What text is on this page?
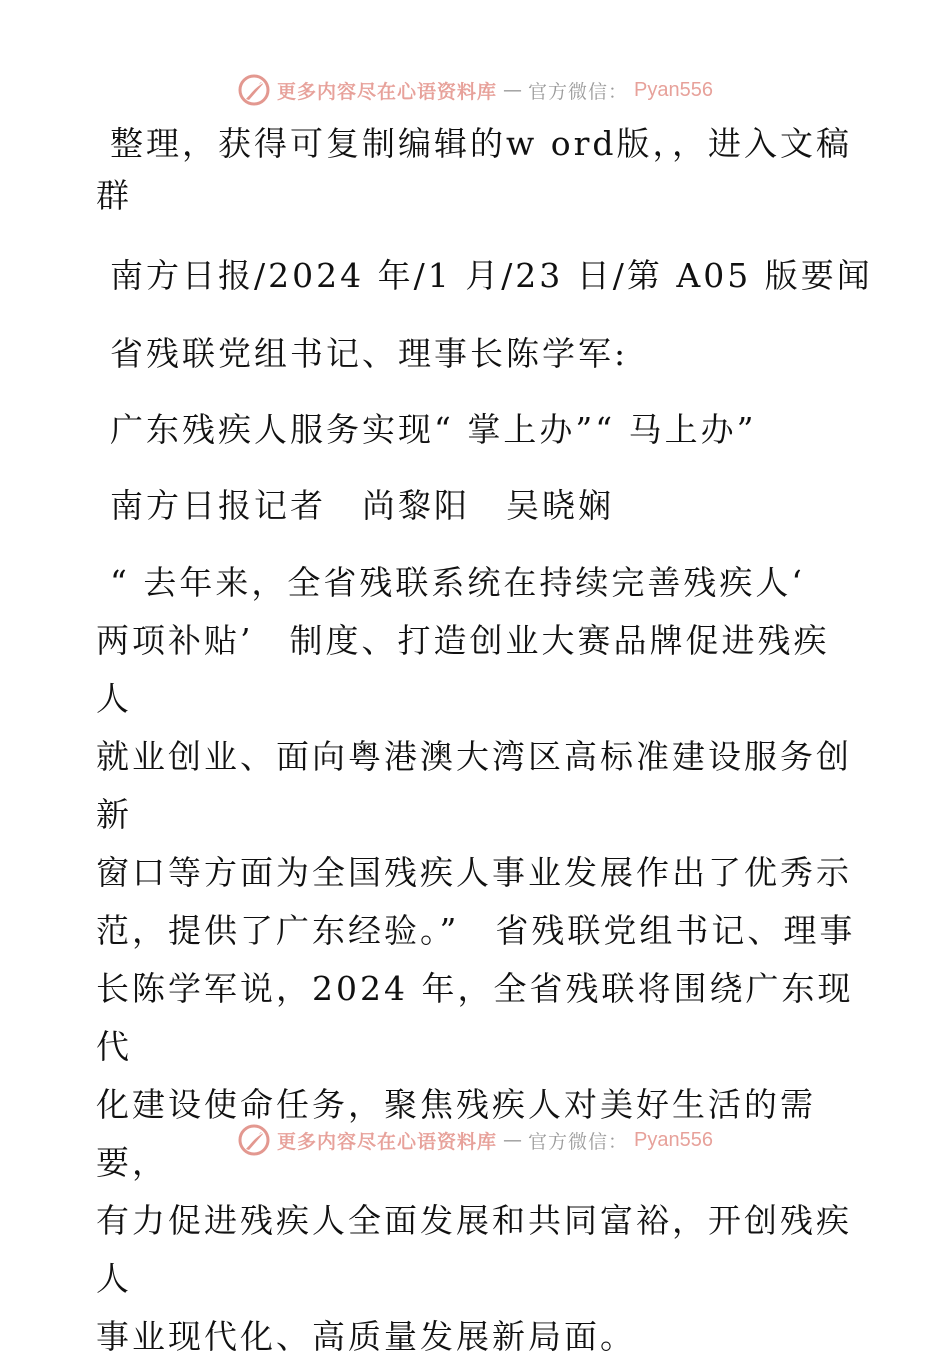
更多内容尽在心语资料库 — 官方微信： Pyan556
整理，获得可复制编辑的w ord版，，进入文稿
群
南方日报/2024 年/1 月/23 日/第 A05 版要闻
省残联党组书记、理事长陈学军:
广东残疾人服务实现“ 掌上办”“ 马上办”
南方日报记者　尚黎阳　吴晓娴
“ 去年来，全省残联系统在持续完善残疾人‘
两项补贴’　制度、打造创业大赛品牌促进残疾人
就业创业、面向粤港澳大湾区高标准建设服务创新
窗口等方面为全国残疾人事业发展作出了优秀示
范，提供了广东经验。”　省残联党组书记、理事
长陈学军说，2024 年，全省残联将围绕广东现代
化建设使命任务，聚焦残疾人对美好生活的需要，
有力促进残疾人全面发展和共同富裕，开创残疾人
事业现代化、高质量发展新局面。
更多内容尽在心语资料库 — 官方微信： Pyan556
